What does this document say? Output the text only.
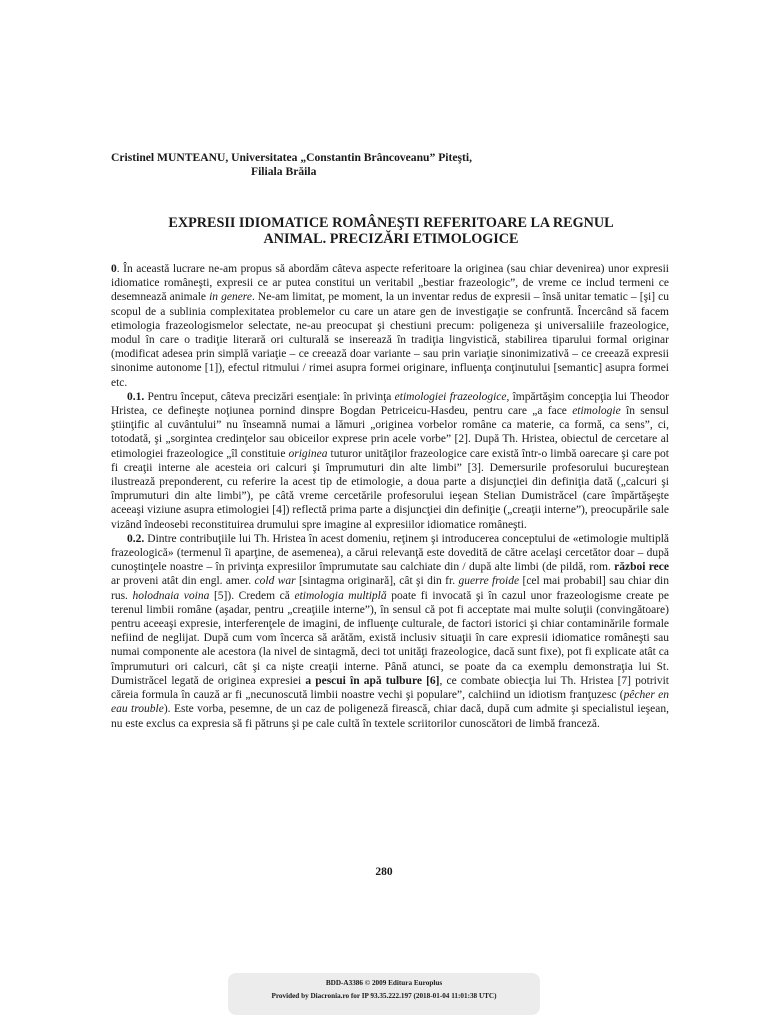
Cristinel MUNTEANU, Universitatea „Constantin Brâncoveanu” Piteşti,
Filiala Brăila
EXPRESII IDIOMATICE ROMÂNEŞTI REFERITOARE LA REGNUL
ANIMAL. PRECIZĂRI ETIMOLOGICE

0. În această lucrare ne-am propus să abordăm câteva aspecte referitoare la originea (sau chiar devenirea) unor expresii idiomatice româneşti, expresii ce ar putea constitui un veritabil „bestiar frazeologic”, de vreme ce includ termeni ce desemnează animale in genere. Ne-am limitat, pe moment, la un inventar redus de expresii – însă unitar tematic – [şi] cu scopul de a sublinia complexitatea problemelor cu care un atare gen de investigaţie se confruntă. Încercând să facem etimologia frazeologismelor selectate, ne-au preocupat şi chestiuni precum: poligeneza şi universaliile frazeologice, modul în care o tradiţie literară ori culturală se inserează în tradiţia lingvistică, stabilirea tiparului formal originar (modificat adesea prin simplă variaţie – ce creează doar variante – sau prin variaţie sinonimizativă – ce creează expresii sinonime autonome [1]), efectul ritmului / rimei asupra formei originare, influenţa conţinutului [semantic] asupra formei etc.

0.1. Pentru început, câteva precizări esenţiale: în privinţa etimologiei frazeologice, împărtăşim concepţia lui Theodor Hristea, ce defineşte noţiunea pornind dinspre Bogdan Petriceicu-Hasdeu, pentru care „a face etimologie în sensul ştiinţific al cuvântului” nu înseamnă numai a lămuri „originea vorbelor române ca materie, ca formă, ca sens”, ci, totodată, şi „sorgintea credinţelor sau obiceilor exprese prin acele vorbe” [2]. După Th. Hristea, obiectul de cercetare al etimologiei frazeologice „îl constituie originea tuturor unităţilor frazeologice care există într-o limbă oarecare şi care pot fi creaţii interne ale acesteia ori calcuri şi împrumuturi din alte limbi” [3]. Demersurile profesorului bucureştean ilustrează preponderent, cu referire la acest tip de etimologie, a doua parte a disjuncţiei din definiţia dată („calcuri şi împrumuturi din alte limbi”), pe câtă vreme cercetările profesorului ieşean Stelian Dumistrăcel (care împărtăşeşte aceeaşi viziune asupra etimologiei [4]) reflectă prima parte a disjuncţiei din definiţie („creaţii interne”), preocupările sale vizând îndeosebi reconstituirea drumului spre imagine al expresiilor idiomatice româneşti.

0.2. Dintre contribuţiile lui Th. Hristea în acest domeniu, reţinem şi introducerea conceptului de «etimologie multiplă frazeologică» (termenul îi aparţine, de asemenea), a cărui relevanţă este dovedită de către acelaşi cercetător doar – după cunoştinţele noastre – în privinţa expresiilor împrumutate sau calchiate din / după alte limbi (de pildă, rom. război rece ar proveni atât din engl. amer. cold war [sintagma originară], cât şi din fr. guerre froide [cel mai probabil] sau chiar din rus. holodnaia voina [5]). Credem că etimologia multiplă poate fi invocată şi în cazul unor frazeologisme create pe terenul limbii române (aşadar, pentru „creaţiile interne”), în sensul că pot fi acceptate mai multe soluţii (convingătoare) pentru aceeaşi expresie, interferenţele de imagini, de influenţe culturale, de factori istorici şi chiar contaminările formale nefiind de neglijat. După cum vom încerca să arătăm, există inclusiv situaţii în care expresii idiomatice româneşti sau numai componente ale acestora (la nivel de sintagmă, deci tot unităţi frazeologice, dacă sunt fixe), pot fi explicate atât ca împrumuturi ori calcuri, cât şi ca nişte creaţii interne. Până atunci, se poate da ca exemplu demonstraţia lui St. Dumistrăcel legată de originea expresiei a pescui în apă tulbure [6], ce combate obiecţia lui Th. Hristea [7] potrivit căreia formula în cauză ar fi „necunoscută limbii noastre vechi şi populare”, calchiind un idiotism franţuzesc (pêcher en eau trouble). Este vorba, pesemne, de un caz de poligeneză firească, chiar dacă, după cum admite şi specialistul ieşean, nu este exclus ca expresia să fi pătruns şi pe cale cultă în textele scriitorilor cunoscători de limbă franceză.

280
BDD-A3386 © 2009 Editura Europlus
Provided by Diacronia.ro for IP 93.35.222.197 (2018-01-04 11:01:38 UTC)
